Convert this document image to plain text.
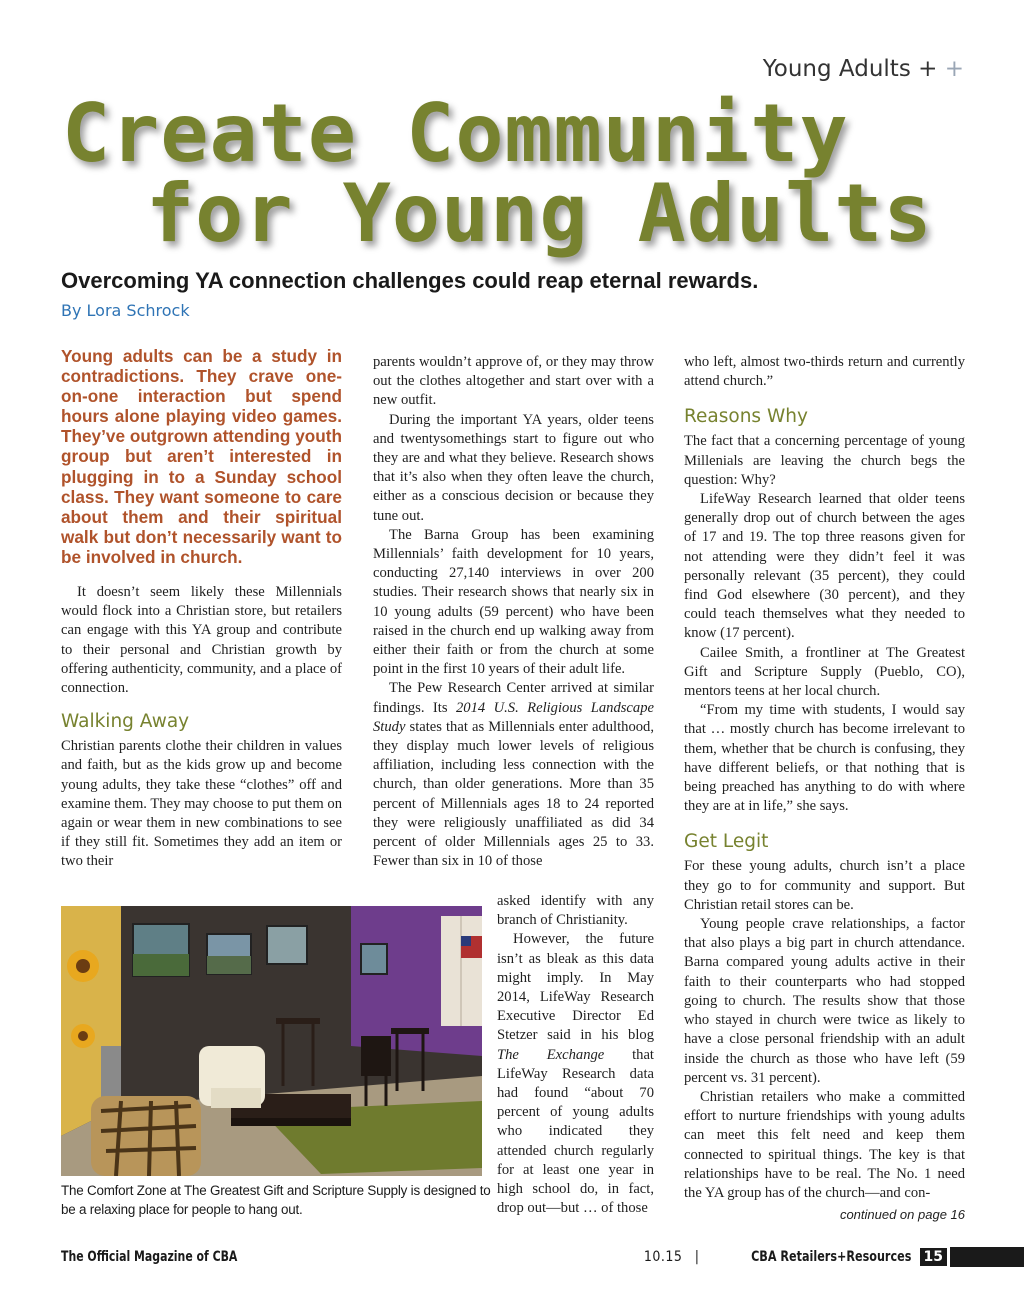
Young Adults + +
Create Community
for Young Adults
Overcoming YA connection challenges could reap eternal rewards.
By Lora Schrock

Young adults can be a study in contradictions. They crave one-on-one interaction but spend hours alone playing video games. They’ve outgrown attending youth group but aren’t interested in plugging in to a Sunday school class. They want someone to care about them and their spiritual walk but don’t necessarily want to be involved in church.

It doesn’t seem likely these Millennials would flock into a Christian store, but retailers can engage with this YA group and contribute to their personal and Christian growth by offering authenticity, community, and a place of connection.

Walking Away

Christian parents clothe their children in values and faith, but as the kids grow up and become young adults, they take these “clothes” off and examine them. They may choose to put them on again or wear them in new combinations to see if they still fit. Sometimes they add an item or two their

parents wouldn’t approve of, or they may throw out the clothes altogether and start over with a new outfit.

During the important YA years, older teens and twentysomethings start to figure out who they are and what they believe. Research shows that it’s also when they often leave the church, either as a conscious decision or because they tune out.

The Barna Group has been examining Millennials’ faith development for 10 years, conducting 27,140 interviews in over 200 studies. Their research shows that nearly six in 10 young adults (59 percent) who have been raised in the church end up walking away from either their faith or from the church at some point in the first 10 years of their adult life.

The Pew Research Center arrived at similar findings. Its 2014 U.S. Religious Landscape Study states that as Millennials enter adulthood, they display much lower levels of religious affiliation, including less connection with the church, than older generations. More than 35 percent of Millennials ages 18 to 24 reported they were religiously unaffiliated as did 34 percent of older Millennials ages 25 to 33. Fewer than six in 10 of those

asked identify with any branch of Christianity.

However, the future isn’t as bleak as this data might imply. In May 2014, LifeWay Research Executive Director Ed Stetzer said in his blog The Exchange that LifeWay Research data had found “about 70 percent of young adults who indicated they attended church regularly for at least one year in high school do, in fact, drop out—but … of those

who left, almost two-thirds return and currently attend church.”

Reasons Why

The fact that a concerning percentage of young Millenials are leaving the church begs the question: Why?

LifeWay Research learned that older teens generally drop out of church between the ages of 17 and 19. The top three reasons given for not attending were they didn’t feel it was personally relevant (35 percent), they could find God elsewhere (30 percent), and they could teach themselves what they needed to know (17 percent).

Cailee Smith, a frontliner at The Greatest Gift and Scripture Supply (Pueblo, CO), mentors teens at her local church.

“From my time with students, I would say that … mostly church has become irrelevant to them, whether that be church is confusing, they have different beliefs, or that nothing that is being preached has anything to do with where they are at in life,” she says.

Get Legit

For these young adults, church isn’t a place they go to for community and support. But Christian retail stores can be.

Young people crave relationships, a factor that also plays a big part in church attendance. Barna compared young adults active in their faith to their counterparts who had stopped going to church. The results show that those who stayed in church were twice as likely to have a close personal friendship with an adult inside the church as those who have left (59 percent vs. 31 percent).

Christian retailers who make a committed effort to nurture friendships with young adults can meet this felt need and keep them connected to spiritual things. The key is that relationships have to be real. The No. 1 need the YA group has of the church—and con-

continued on page 16
The Comfort Zone at The Greatest Gift and Scripture Supply is designed to be a relaxing place for people to hang out.
The Official Magazine of CBA	10.15 |	CBA Retailers+Resources 15
